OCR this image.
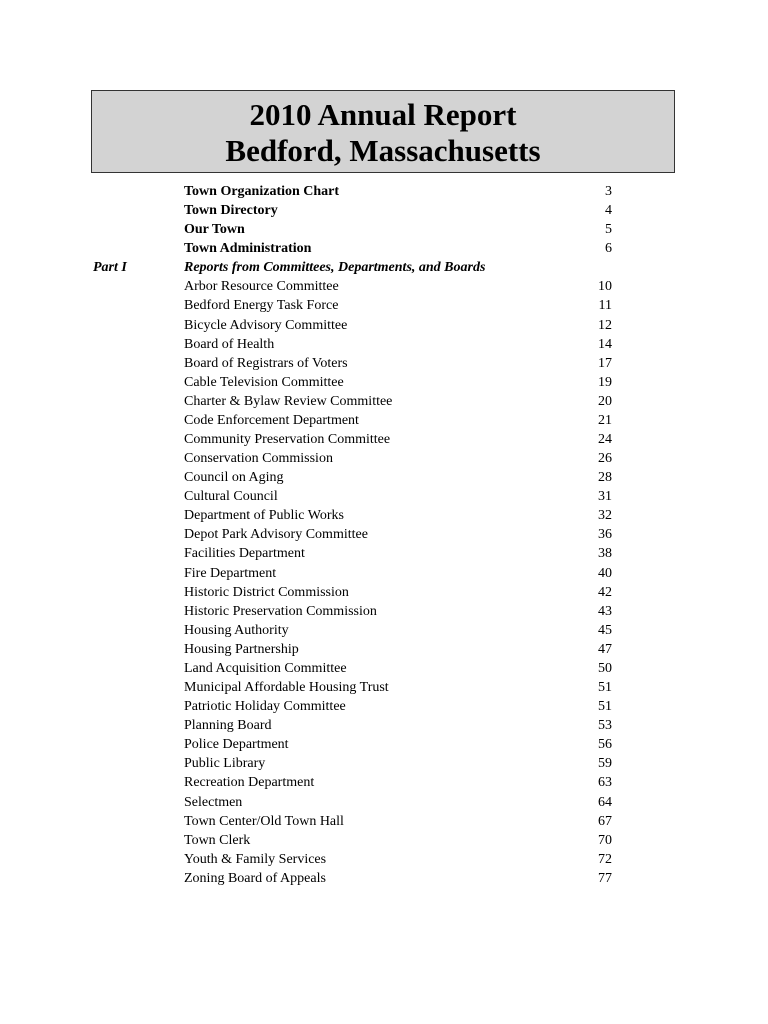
2010 Annual Report
Bedford, Massachusetts
Town Organization Chart	3
Town Directory	4
Our Town	5
Town Administration	6
Part I	Reports from Committees, Departments, and Boards
Arbor Resource Committee	10
Bedford Energy Task Force	11
Bicycle Advisory Committee	12
Board of Health	14
Board of Registrars of Voters	17
Cable Television Committee	19
Charter & Bylaw Review Committee	20
Code Enforcement Department	21
Community Preservation Committee	24
Conservation Commission	26
Council on Aging	28
Cultural Council	31
Department of Public Works	32
Depot Park Advisory Committee	36
Facilities Department	38
Fire Department	40
Historic District Commission	42
Historic Preservation Commission	43
Housing Authority	45
Housing Partnership	47
Land Acquisition Committee	50
Municipal Affordable Housing Trust	51
Patriotic Holiday Committee	51
Planning Board	53
Police Department	56
Public Library	59
Recreation Department	63
Selectmen	64
Town Center/Old Town Hall	67
Town Clerk	70
Youth & Family Services	72
Zoning Board of Appeals	77
